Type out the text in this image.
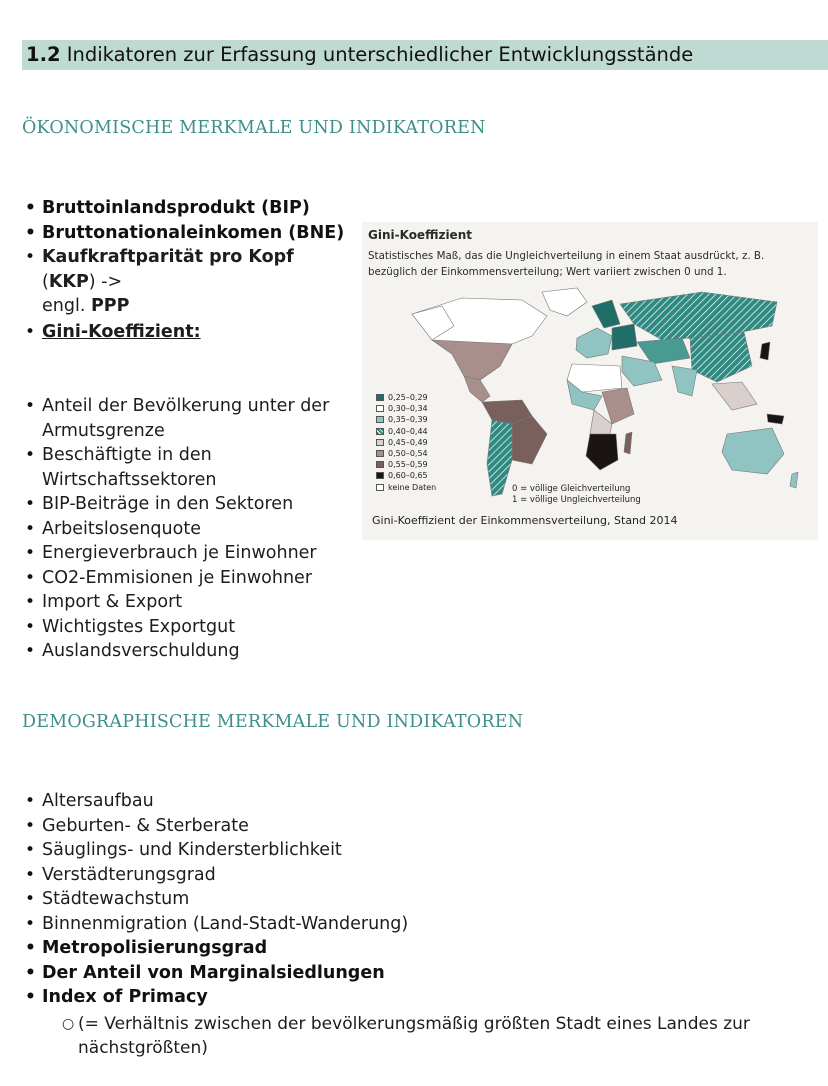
1.2 Indikatoren zur Erfassung unterschiedlicher Entwicklungsstände
ÖKONOMISCHE MERKMALE UND INDIKATOREN
• Bruttoinlandsprodukt (BIP)
• Bruttonationaleinkomen (BNE)
• Kaufkraftparität pro Kopf (KKP) ->
engl. PPP
• Gini-Koeffizient:
• Anteil der Bevölkerung unter der
Armutsgrenze
• Beschäftigte in den
Wirtschaftssektoren
• BIP-Beiträge in den Sektoren
• Arbeitslosenquote
• Energieverbrauch je Einwohner
• CO2-Emmisionen je Einwohner
• Import & Export
• Wichtigstes Exportgut
• Auslandsverschuldung
Gini-Koeffizient
Statistisches Maß, das die Ungleichverteilung in einem Staat ausdrückt, z. B. bezüglich der Einkommensverteilung; Wert variiert zwischen 0 und 1.
0,25–0,29
0,30–0,34
0,35–0,39
0,40–0,44
0,45–0,49
0,50–0,54
0,55–0,59
0,60–0,65
keine Daten	0 = völlige Gleichverteilung
1 = völlige Ungleichverteilung
Gini-Koeffizient der Einkommensverteilung, Stand 2014
DEMOGRAPHISCHE MERKMALE UND INDIKATOREN
• Altersaufbau
• Geburten- & Sterberate
• Säuglings- und Kindersterblichkeit
• Verstädterungsgrad
• Städtewachstum
• Binnenmigration (Land-Stadt-Wanderung)
• Metropolisierungsgrad
• Der Anteil von Marginalsiedlungen
• Index of Primacy
○ (= Verhältnis zwischen der bevölkerungsmäßig größten Stadt eines Landes zur nächstgrößten)
